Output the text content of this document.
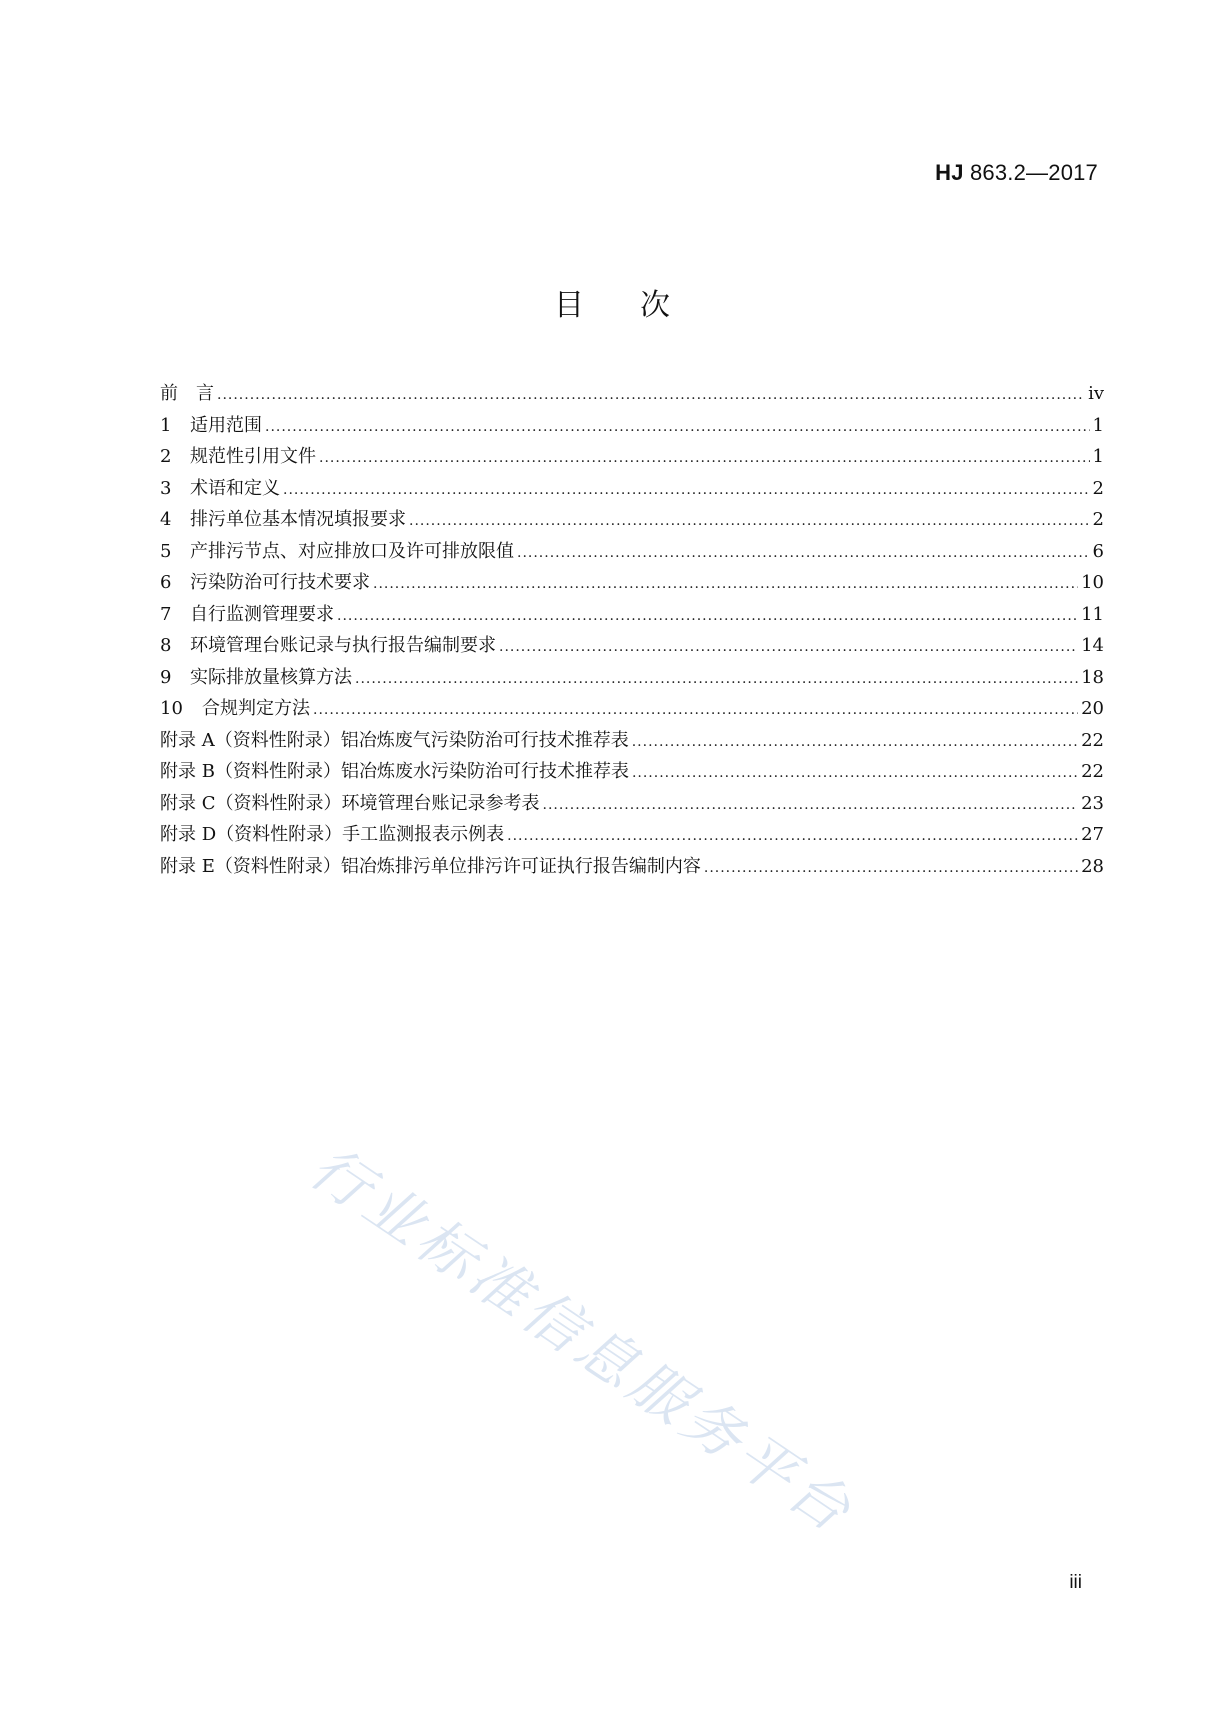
HJ 863.2—2017
目次
前　言 .....	iv
1	适用范围 .....	1
2	规范性引用文件 .....	1
3	术语和定义 .....	2
4	排污单位基本情况填报要求 .....	2
5	产排污节点、对应排放口及许可排放限值 .....	6
6	污染防治可行技术要求 .....	10
7	自行监测管理要求 .....	11
8	环境管理台账记录与执行报告编制要求 .....	14
9	实际排放量核算方法 .....	18
10	合规判定方法 .....	20
附录 A（资料性附录） 铝冶炼废气污染防治可行技术推荐表 .....	22
附录 B（资料性附录） 铝冶炼废水污染防治可行技术推荐表 .....	22
附录 C（资料性附录） 环境管理台账记录参考表 .....	23
附录 D（资料性附录） 手工监测报表示例表 .....	27
附录 E（资料性附录） 铝冶炼排污单位排污许可证执行报告编制内容 .....	28
行业标准信息服务平台
iii
